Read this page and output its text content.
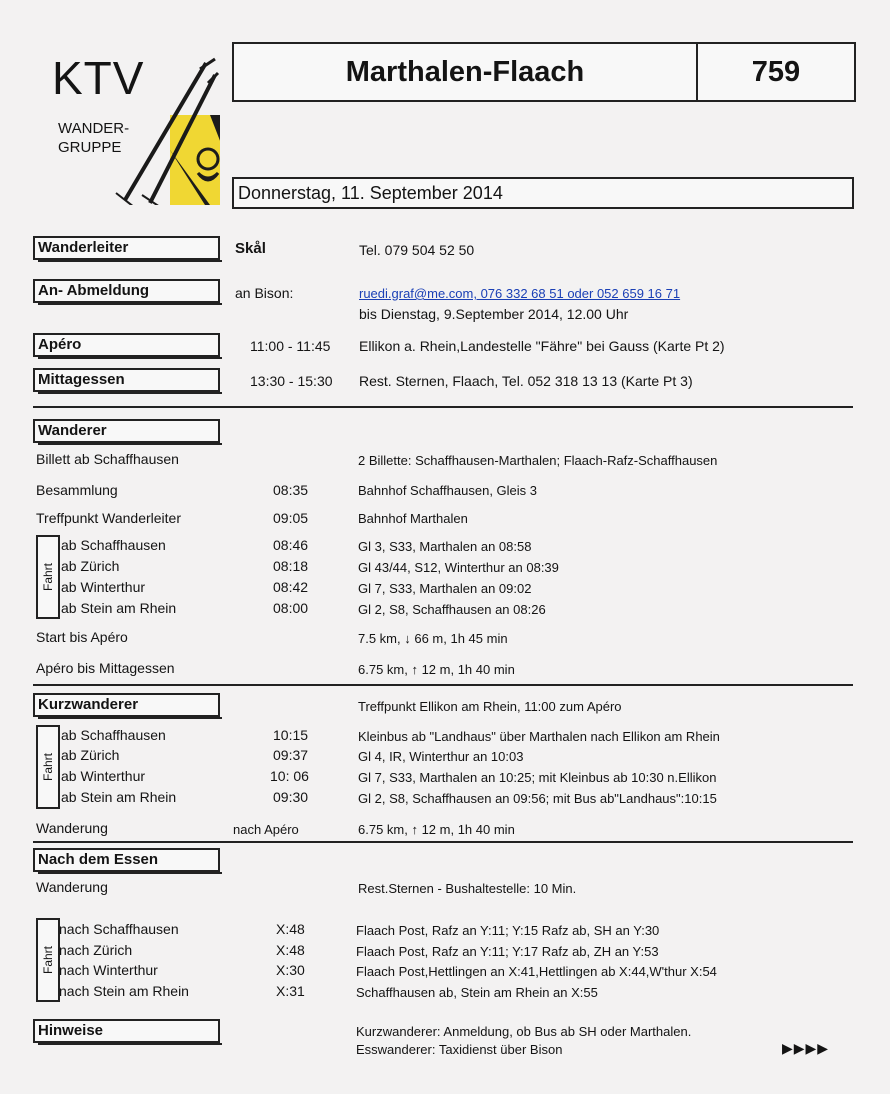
KTV
WANDER-
GRUPPE
Marthalen-Flaach	759
Donnerstag, 11. September 2014
Wanderleiter	Skål	Tel. 079 504 52 50
An- Abmeldung	an Bison:	ruedi.graf@me.com, 076 332 68 51 oder 052 659 16 71
bis Dienstag, 9.September 2014, 12.00 Uhr
Apéro	11:00 - 11:45 Ellikon a. Rhein,Landestelle "Fähre" bei Gauss (Karte Pt 2)
Mittagessen	13:30 - 15:30 Rest. Sternen, Flaach, Tel. 052 318 13 13 (Karte Pt 3)
Wanderer
Billett ab Schaffhausen	2 Billette: Schaffhausen-Marthalen; Flaach-Rafz-Schaffhausen
Besammlung	08:35	Bahnhof Schaffhausen, Gleis 3
Treffpunkt Wanderleiter	09:05	Bahnhof Marthalen
Fahrt
ab Schaffhausen	08:46	Gl 3, S33, Marthalen an 08:58
ab Zürich	08:18	Gl 43/44, S12, Winterthur an 08:39
ab Winterthur	08:42	Gl 7, S33, Marthalen an 09:02
ab Stein am Rhein	08:00	Gl 2, S8, Schaffhausen an 08:26
Start bis Apéro	7.5 km, ↓ 66 m, 1h 45 min
Apéro bis Mittagessen	6.75 km, ↑ 12 m, 1h 40 min
Kurzwanderer	Treffpunkt Ellikon am Rhein, 11:00 zum Apéro
Fahrt
ab Schaffhausen	10:15	Kleinbus ab "Landhaus" über Marthalen nach Ellikon am Rhein
ab Zürich	09:37	Gl 4, IR, Winterthur an 10:03
ab Winterthur	10: 06	Gl 7, S33, Marthalen an 10:25; mit Kleinbus ab 10:30 n.Ellikon
ab Stein am Rhein	09:30	Gl 2, S8, Schaffhausen an 09:56; mit Bus ab"Landhaus":10:15
Wanderung	nach Apéro	6.75 km, ↑ 12 m, 1h 40 min
Nach dem Essen
Wanderung	Rest.Sternen - Bushaltestelle: 10 Min.
Fahrt
nach Schaffhausen	X:48	Flaach Post, Rafz an Y:11; Y:15 Rafz ab, SH an Y:30
nach Zürich	X:48	Flaach Post, Rafz an Y:11; Y:17 Rafz ab, ZH an Y:53
nach Winterthur	X:30	Flaach Post,Hettlingen an X:41,Hettlingen ab X:44,W'thur X:54
nach Stein am Rhein	X:31	Schaffhausen ab, Stein am Rhein an X:55
Hinweise	Kurzwanderer: Anmeldung, ob Bus ab SH oder Marthalen.
Esswanderer: Taxidienst über Bison	▶▶▶▶
